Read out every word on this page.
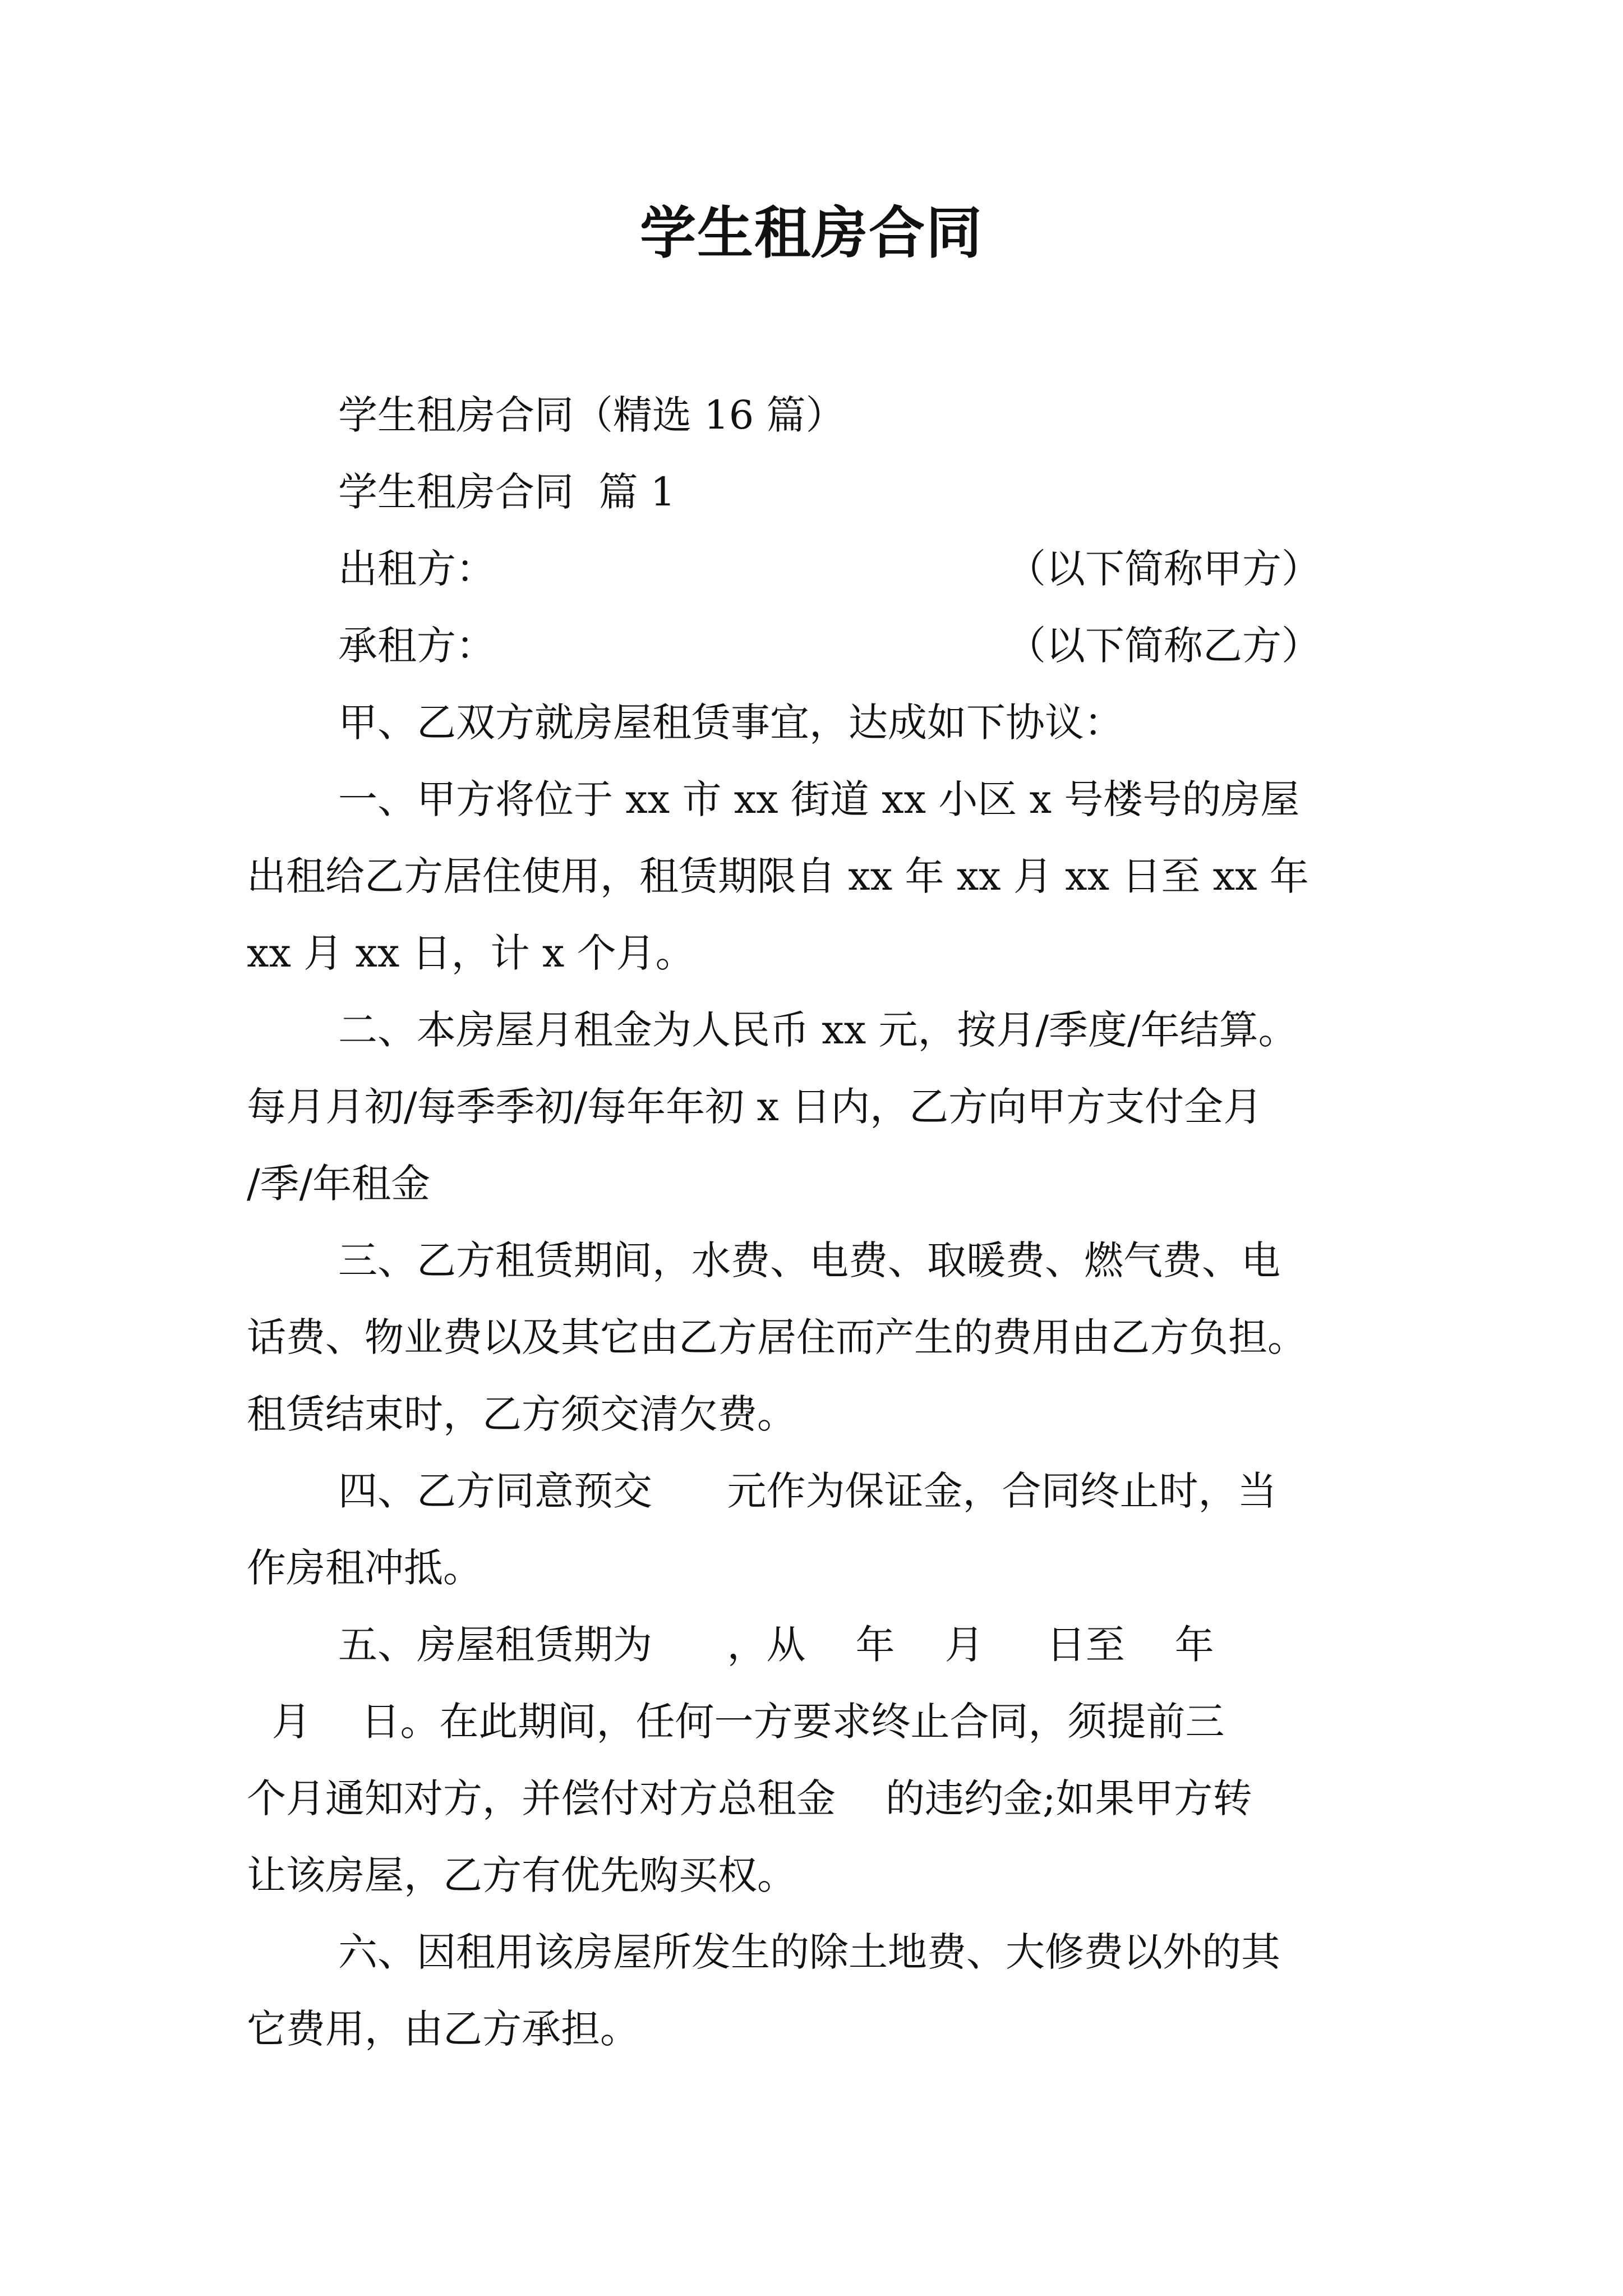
学生租房合同
学生租房合同（精选 16 篇）
学生租房合同  篇 1
出租方：	（以下简称甲方）
承租方：	（以下简称乙方）
甲、乙双方就房屋租赁事宜，达成如下协议：
一、甲方将位于 xx 市 xx 街道 xx 小区 x 号楼号的房屋
出租给乙方居住使用，租赁期限自 xx 年 xx 月 xx 日至 xx 年
xx 月 xx 日，计 x 个月。
二、本房屋月租金为人民币 xx 元，按月/季度/年结算。
每月月初/每季季初/每年年初 x 日内，乙方向甲方支付全月
/季/年租金
三、乙方租赁期间，水费、电费、取暖费、燃气费、电
话费、物业费以及其它由乙方居住而产生的费用由乙方负担。
租赁结束时，乙方须交清欠费。
四、乙方同意预交      元作为保证金，合同终止时，当
作房租冲抵。
五、房屋租赁期为      ，从    年    月     日至    年
月    日。在此期间，任何一方要求终止合同，须提前三
个月通知对方，并偿付对方总租金    的违约金;如果甲方转
让该房屋，乙方有优先购买权。
六、因租用该房屋所发生的除土地费、大修费以外的其
它费用，由乙方承担。
